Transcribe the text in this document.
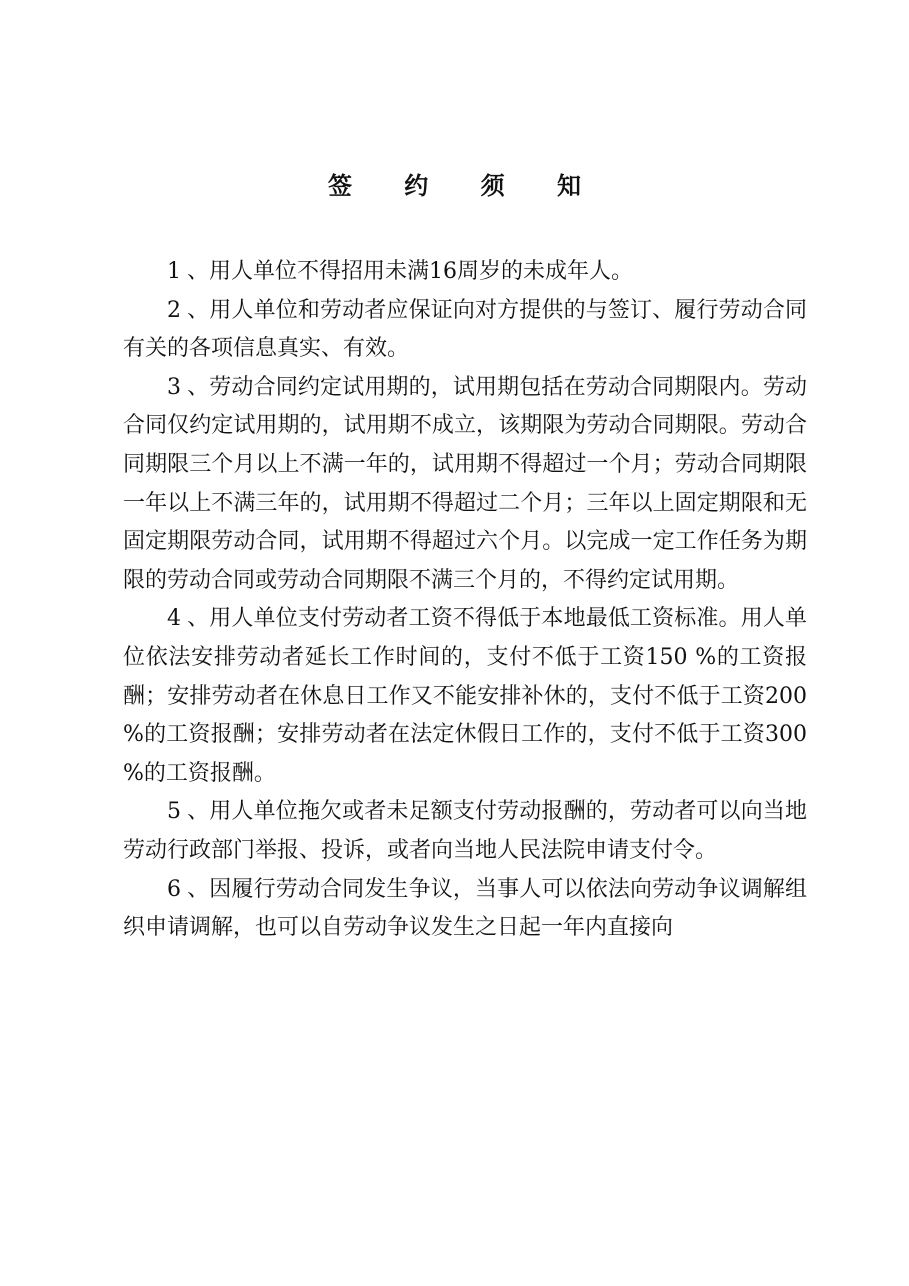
签 约 须 知

1 、用人单位不得招用未满16周岁的未成年人。

2 、用人单位和劳动者应保证向对方提供的与签订、履行劳动合同有关的各项信息真实、有效。

3 、劳动合同约定试用期的，试用期包括在劳动合同期限内。劳动合同仅约定试用期的，试用期不成立，该期限为劳动合同期限。劳动合同期限三个月以上不满一年的，试用期不得超过一个月；劳动合同期限一年以上不满三年的，试用期不得超过二个月；三年以上固定期限和无固定期限劳动合同，试用期不得超过六个月。以完成一定工作任务为期限的劳动合同或劳动合同期限不满三个月的，不得约定试用期。

4 、用人单位支付劳动者工资不得低于本地最低工资标准。用人单位依法安排劳动者延长工作时间的，支付不低于工资150 %的工资报酬；安排劳动者在休息日工作又不能安排补休的，支付不低于工资200 %的工资报酬；安排劳动者在法定休假日工作的，支付不低于工资300 %的工资报酬。

5 、用人单位拖欠或者未足额支付劳动报酬的，劳动者可以向当地劳动行政部门举报、投诉，或者向当地人民法院申请支付令。

6 、因履行劳动合同发生争议，当事人可以依法向劳动争议调解组织申请调解，也可以自劳动争议发生之日起一年内直接向
